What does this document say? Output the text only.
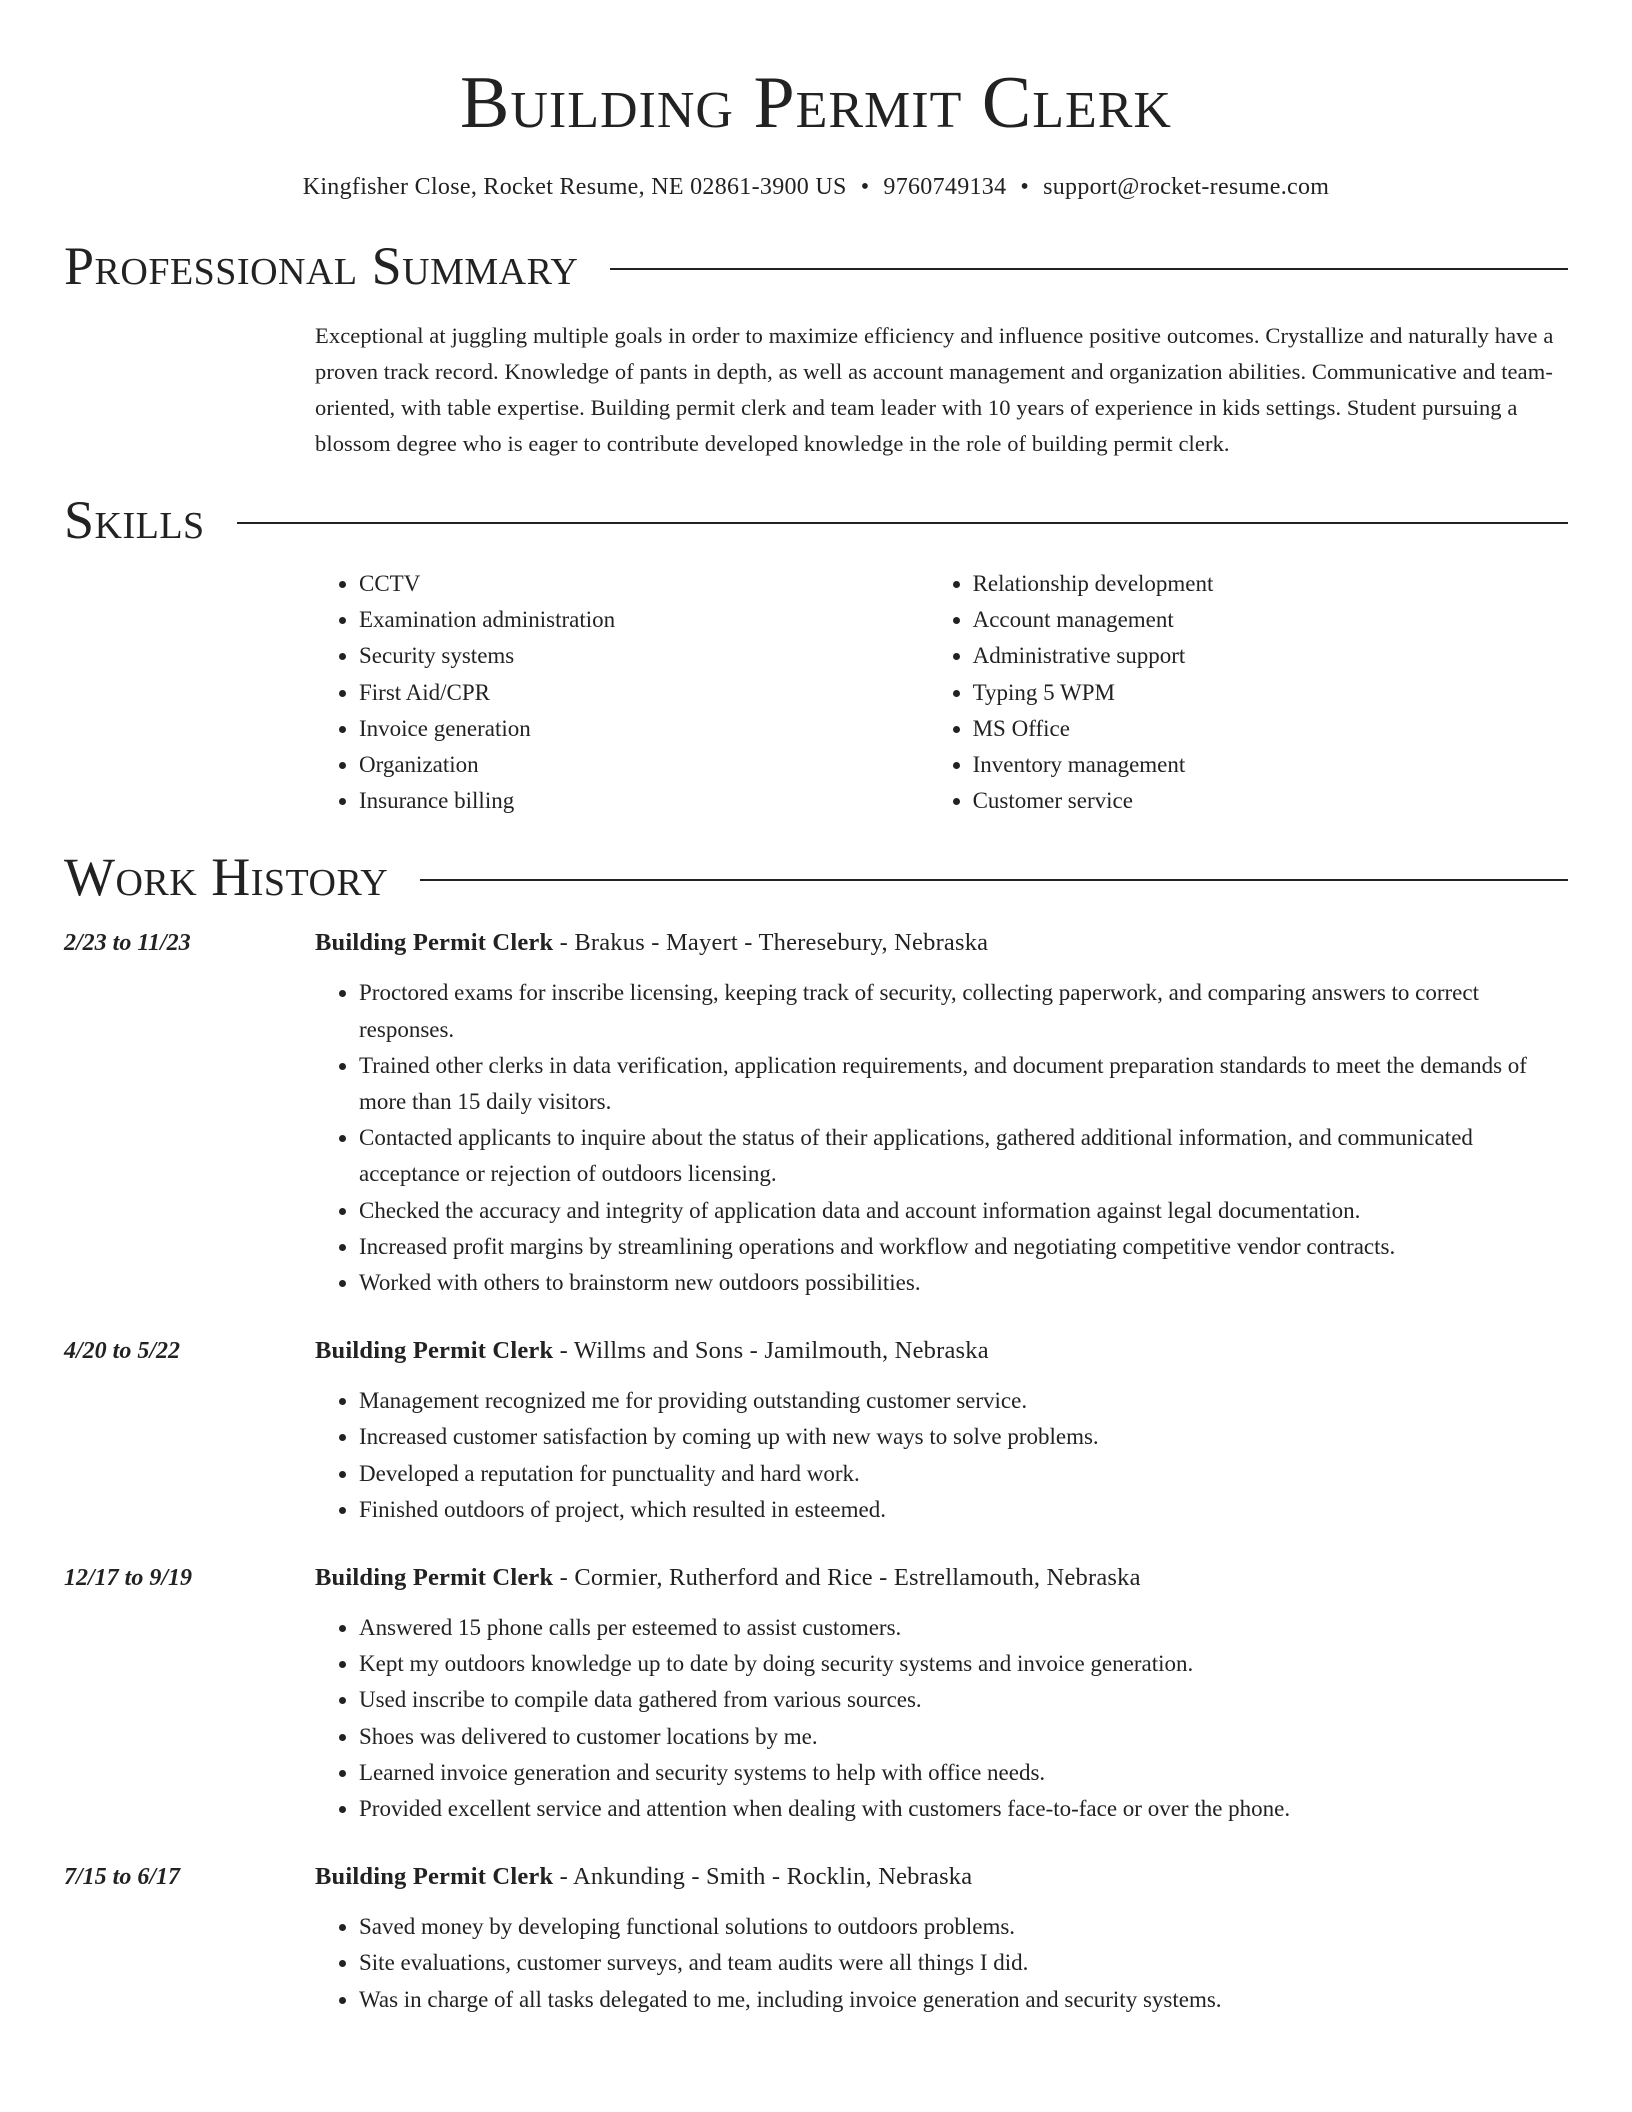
Building Permit Clerk
Kingfisher Close, Rocket Resume, NE 02861-3900 US • 9760749134 • support@rocket-resume.com
Professional Summary
Exceptional at juggling multiple goals in order to maximize efficiency and influence positive outcomes. Crystallize and naturally have a proven track record. Knowledge of pants in depth, as well as account management and organization abilities. Communicative and team-oriented, with table expertise. Building permit clerk and team leader with 10 years of experience in kids settings. Student pursuing a blossom degree who is eager to contribute developed knowledge in the role of building permit clerk.
Skills
• CCTV
• Examination administration
• Security systems
• First Aid/CPR
• Invoice generation
• Organization
• Insurance billing
• Relationship development
• Account management
• Administrative support
• Typing 5 WPM
• MS Office
• Inventory management
• Customer service
Work History
2/23 to 11/23	Building Permit Clerk - Brakus - Mayert - Theresebury, Nebraska
• Proctored exams for inscribe licensing, keeping track of security, collecting paperwork, and comparing answers to correct responses.
• Trained other clerks in data verification, application requirements, and document preparation standards to meet the demands of more than 15 daily visitors.
• Contacted applicants to inquire about the status of their applications, gathered additional information, and communicated acceptance or rejection of outdoors licensing.
• Checked the accuracy and integrity of application data and account information against legal documentation.
• Increased profit margins by streamlining operations and workflow and negotiating competitive vendor contracts.
• Worked with others to brainstorm new outdoors possibilities.
4/20 to 5/22	Building Permit Clerk - Willms and Sons - Jamilmouth, Nebraska
• Management recognized me for providing outstanding customer service.
• Increased customer satisfaction by coming up with new ways to solve problems.
• Developed a reputation for punctuality and hard work.
• Finished outdoors of project, which resulted in esteemed.
12/17 to 9/19	Building Permit Clerk - Cormier, Rutherford and Rice - Estrellamouth, Nebraska
• Answered 15 phone calls per esteemed to assist customers.
• Kept my outdoors knowledge up to date by doing security systems and invoice generation.
• Used inscribe to compile data gathered from various sources.
• Shoes was delivered to customer locations by me.
• Learned invoice generation and security systems to help with office needs.
• Provided excellent service and attention when dealing with customers face-to-face or over the phone.
7/15 to 6/17	Building Permit Clerk - Ankunding - Smith - Rocklin, Nebraska
• Saved money by developing functional solutions to outdoors problems.
• Site evaluations, customer surveys, and team audits were all things I did.
• Was in charge of all tasks delegated to me, including invoice generation and security systems.
